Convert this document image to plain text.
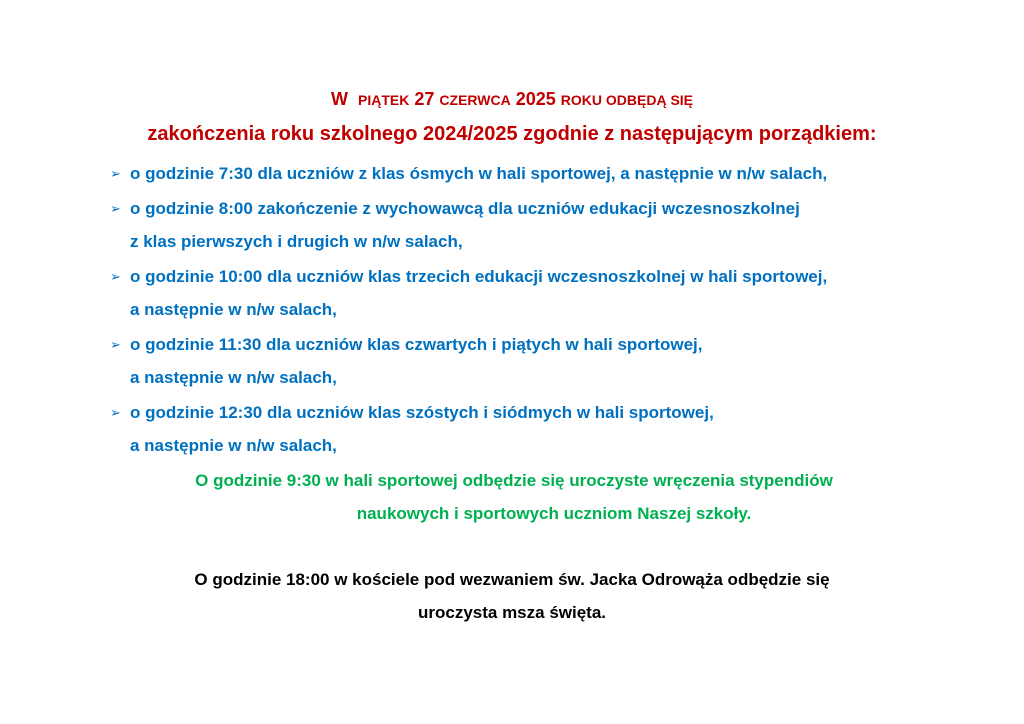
W PIĄTEK 27 CZERWCA 2025 ROKU ODBĘDĄ SIĘ
zakończenia roku szkolnego 2024/2025 zgodnie z następującym porządkiem:
➢ o godzinie 7:30 dla uczniów z klas ósmych w hali sportowej, a następnie w n/w salach,
➢ o godzinie 8:00 zakończenie z wychowawcą dla uczniów edukacji wczesnoszkolnej
z klas pierwszych i drugich w n/w salach,
➢ o godzinie 10:00 dla uczniów klas trzecich edukacji wczesnoszkolnej w hali sportowej,
a następnie w n/w salach,
➢ o godzinie 11:30 dla uczniów klas czwartych i piątych w hali sportowej,
a następnie w n/w salach,
➢ o godzinie 12:30 dla uczniów klas szóstych i siódmych w hali sportowej,
a następnie w n/w salach,
O godzinie 9:30 w hali sportowej odbędzie się uroczyste wręczenia stypendiów
naukowych i sportowych uczniom Naszej szkoły.
O godzinie 18:00 w kościele pod wezwaniem św. Jacka Odrowąża odbędzie się
uroczysta msza święta.
